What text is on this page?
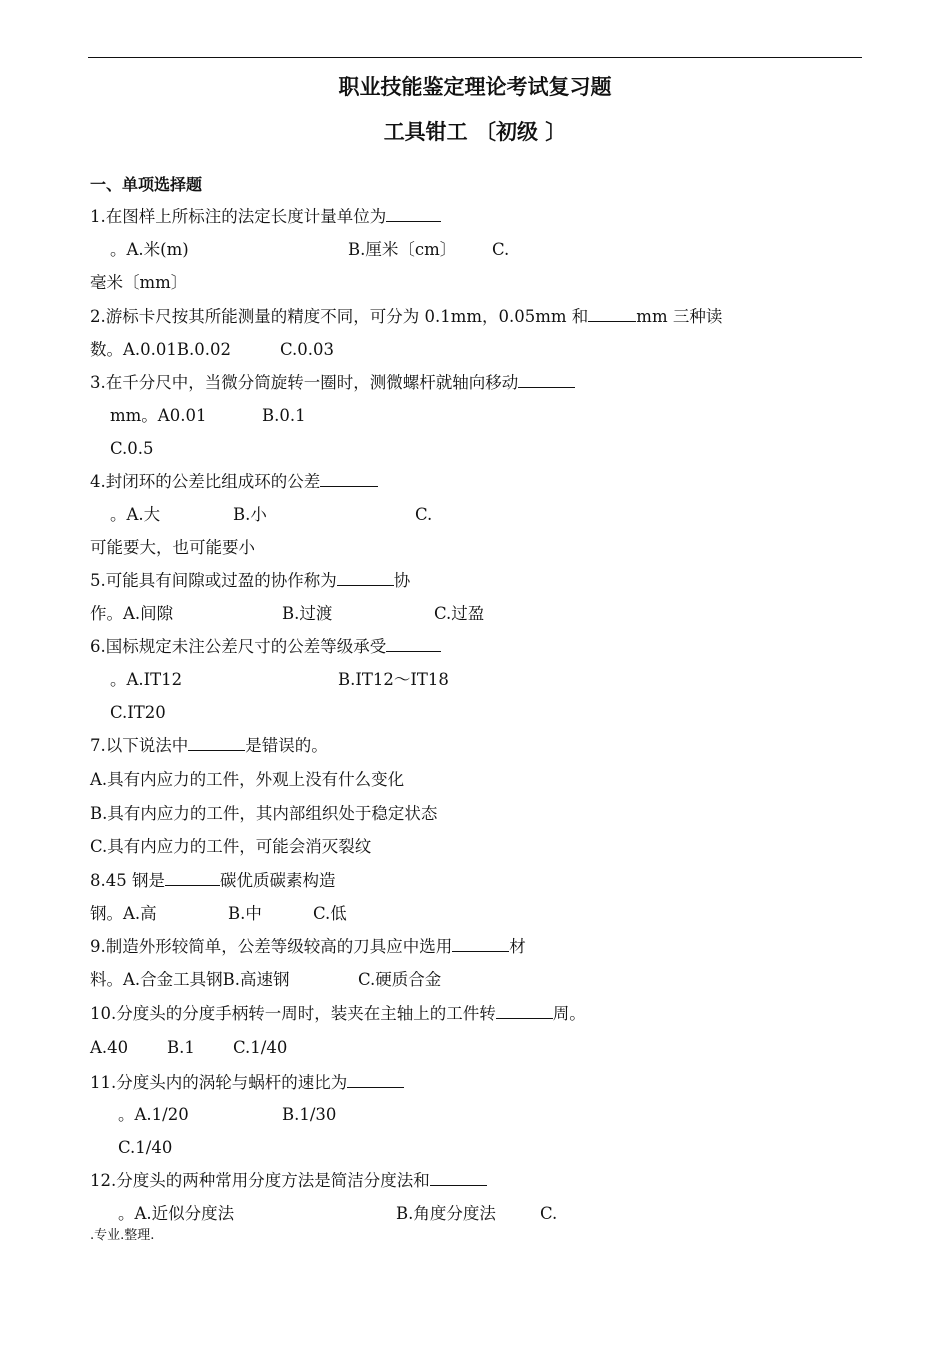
职业技能鉴定理论考试复习题
工具钳工 〔初级 〕
一、单项选择题
1.在图样上所标注的法定长度计量单位为
。A.米(m)	B.厘米〔cm〕 C.
毫米〔mm〕
2.游标卡尺按其所能测量的精度不同，可分为 0.1mm，0.05mm 和	mm 三种读
数。A.0.01B.0.02	C.0.03
3.在千分尺中，当微分筒旋转一圈时，测微螺杆就轴向移动
mm。A0.01	B.0.1
C.0.5
4.封闭环的公差比组成环的公差
。A.大	B.小	C.
可能要大，也可能要小
5.可能具有间隙或过盈的协作称为	协
作。A.间隙	B.过渡	C.过盈
6.国标规定未注公差尺寸的公差等级承受
。A.IT12	B.IT12～IT18
C.IT20
7.以下说法中	是错误的。
A.具有内应力的工件，外观上没有什么变化
B.具有内应力的工件，其内部组织处于稳定状态
C.具有内应力的工件，可能会消灭裂纹
8.45 钢是	碳优质碳素构造
钢。A.高	B.中	C.低
9.制造外形较简单，公差等级较高的刀具应中选用	材
料。A.合金工具钢B.高速钢	C.硬质合金
10.分度头的分度手柄转一周时，装夹在主轴上的工件转	周。
A.40 B.1 C.1/40
11.分度头内的涡轮与蜗杆的速比为
。A.1/20	B.1/30
C.1/40
12.分度头的两种常用分度方法是简洁分度法和
。A.近似分度法	B.角度分度法	C.
.专业.整理.
